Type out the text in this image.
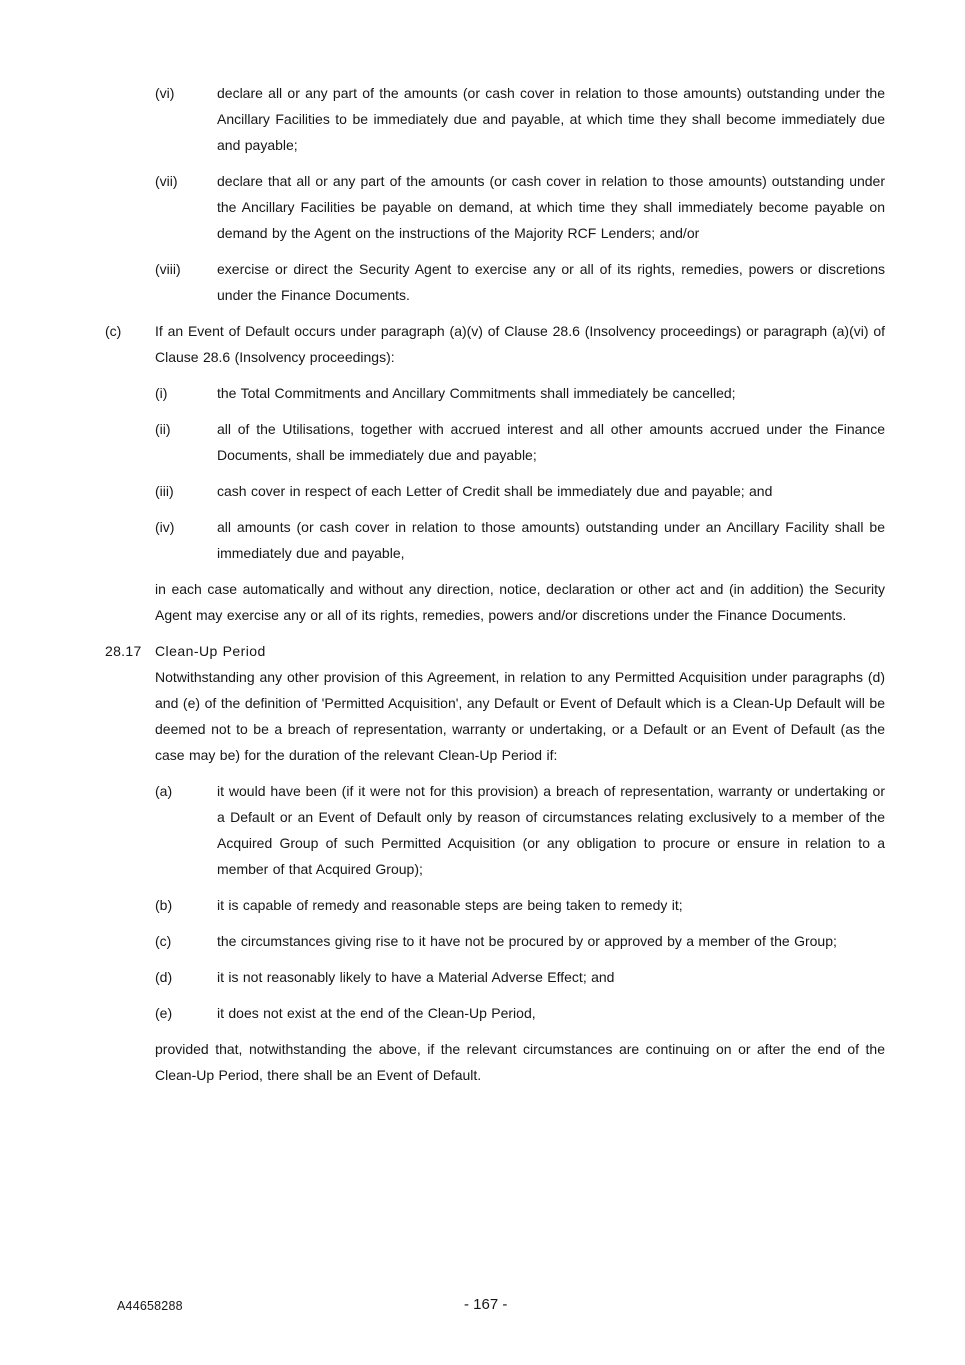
(vi)	declare all or any part of the amounts (or cash cover in relation to those amounts) outstanding under the Ancillary Facilities to be immediately due and payable, at which time they shall become immediately due and payable;
(vii)	declare that all or any part of the amounts (or cash cover in relation to those amounts) outstanding under the Ancillary Facilities be payable on demand, at which time they shall immediately become payable on demand by the Agent on the instructions of the Majority RCF Lenders; and/or
(viii)	exercise or direct the Security Agent to exercise any or all of its rights, remedies, powers or discretions under the Finance Documents.
(c)	If an Event of Default occurs under paragraph (a)(v) of Clause 28.6 (Insolvency proceedings) or paragraph (a)(vi) of Clause 28.6 (Insolvency proceedings):
(i)	the Total Commitments and Ancillary Commitments shall immediately be cancelled;
(ii)	all of the Utilisations, together with accrued interest and all other amounts accrued under the Finance Documents, shall be immediately due and payable;
(iii)	cash cover in respect of each Letter of Credit shall be immediately due and payable; and
(iv)	all amounts (or cash cover in relation to those amounts) outstanding under an Ancillary Facility shall be immediately due and payable,
in each case automatically and without any direction, notice, declaration or other act and (in addition) the Security Agent may exercise any or all of its rights, remedies, powers and/or discretions under the Finance Documents.
28.17 Clean-Up Period
Notwithstanding any other provision of this Agreement, in relation to any Permitted Acquisition under paragraphs (d) and (e) of the definition of 'Permitted Acquisition', any Default or Event of Default which is a Clean-Up Default will be deemed not to be a breach of representation, warranty or undertaking, or a Default or an Event of Default (as the case may be) for the duration of the relevant Clean-Up Period if:
(a)	it would have been (if it were not for this provision) a breach of representation, warranty or undertaking or a Default or an Event of Default only by reason of circumstances relating exclusively to a member of the Acquired Group of such Permitted Acquisition (or any obligation to procure or ensure in relation to a member of that Acquired Group);
(b)	it is capable of remedy and reasonable steps are being taken to remedy it;
(c)	the circumstances giving rise to it have not be procured by or approved by a member of the Group;
(d)	it is not reasonably likely to have a Material Adverse Effect; and
(e)	it does not exist at the end of the Clean-Up Period,
provided that, notwithstanding the above, if the relevant circumstances are continuing on or after the end of the Clean-Up Period, there shall be an Event of Default.
A44658288	- 167 -
